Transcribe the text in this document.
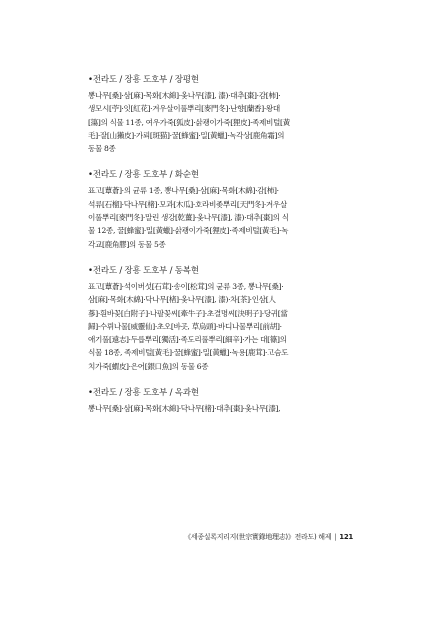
•전라도 / 장흥 도호부 / 장평현
뽕나무[桑]·삼[麻]·목화[木綿]·옻나무[漆], 漆)·대추[棗]·감[柿]·
생모시[苧]·잇[紅花]·겨우살이풀뿌리[麥門冬]·난향[蘭香]·왕대
[簜]의 식물 11종, 여우가죽[狐皮]·삵괭이가죽[狸皮]·족제비털[黃
毛]·잘[山獺皮]·가뢰[斑猫]·꿀[蜂蜜]·밀[黃蠟]·녹각상[鹿角霜]의
동물 8종
•전라도 / 장흥 도호부 / 화순현
표고[蕈蒼]·의 균류 1종, 뽕나무[桑]·삼[麻]·목화[木綿]·감[柿]·
석류[石榴]·닥나무[楮]·모과[木瓜]·호라비좆뿌리[天門冬]·겨우살
이풀뿌리[麥門冬]·말린 생강[乾薑]·옻나무[漆], 漆)·대추[棗]의 식
물 12종, 꿀[蜂蜜]·밀[黃蠟]·삵괭이가죽[狸皮]·족제비털[黃毛]·녹
각교[鹿角膠]의 동물 5종
•전라도 / 장흥 도호부 / 동복현
표고[蕈蒼]·석이버섯[石茸]·송이[松茸]의 균류 3종, 뽕나무[桑]·
삼[麻]·목화[木綿]·닥나무[楮]·옻나무[漆], 漆)·차[茶]·인삼[人
蔘]·흰바꽃[白附子]·나팔꽃씨[牽牛子]·초결명씨[決明子]·당귀[當
歸]·수뤼나물[威靈仙]·초오[바곳, 草烏頭]·바디나물뿌리[前胡]·
애기풀[遠志]·두릅뿌리[獨活]·족도리풀뿌리[細辛]·가는 대[篠]의
식물 18종, 족제비털[黃毛]·꿀[蜂蜜]·밀[黃蠟]·녹용[鹿茸]·고슴도
치가죽[蝟皮]·은어[銀口魚]의 동물 6종
•전라도 / 장흥 도호부 / 옥과현
뽕나무[桑]·삼[麻]·목화[木綿]·닥나무[楮]·대추[棗]·옻나무[漆],
《세종실록지리지(世宗實錄地理志)》전라도) 해제 | 121
